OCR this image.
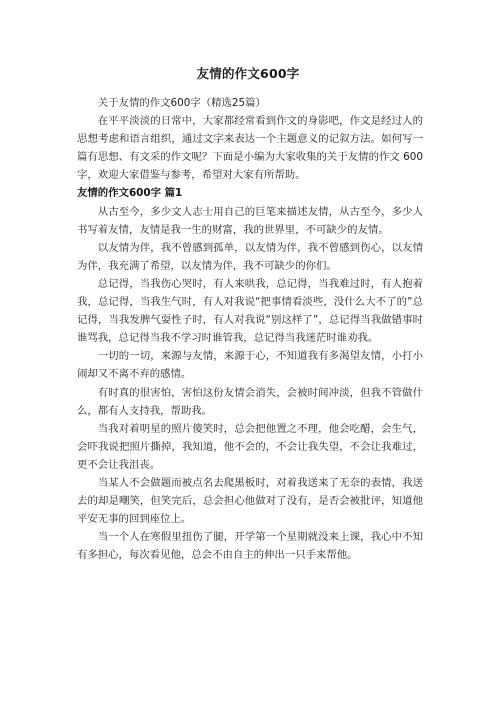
友情的作文600字

关于友情的作文600字（精选25篇）

在平平淡淡的日常中，大家都经常看到作文的身影吧，作文是经过人的思想考虑和语言组织，通过文字来表达一个主题意义的记叙方法。如何写一篇有思想、有文采的作文呢？下面是小编为大家收集的关于友情的作文 600 字，欢迎大家借鉴与参考，希望对大家有所帮助。

友情的作文600字 篇1

从古至今，多少文人志士用自己的巨笔来描述友情，从古至今，多少人书写着友情，友情是我一生的财富，我的世界里，不可缺少的友情。

以友情为伴，我不曾感到孤单，以友情为伴，我不曾感到伤心，以友情为伴，我充满了希望，以友情为伴，我不可缺少的你们。

总记得，当我伤心哭时，有人来哄我，总记得，当我难过时，有人抱着我，总记得，当我生气时，有人对我说“把事情看淡些，没什么大不了的”总记得，当我发脾气耍性子时，有人对我说“别这样了”，总记得当我做错事时谁骂我，总记得当我不学习时谁管我，总记得当我迷茫时谁劝我。

一切的一切，来源与友情，来源于心，不知道我有多渴望友情，小打小闹却又不离不弃的感情。

有时真的很害怕，害怕这份友情会消失，会被时间冲淡，但我不管做什么，都有人支持我，帮助我。

当我对着明星的照片傻笑时，总会把他置之不理，他会吃醋，会生气，会吓我说把照片撕掉，我知道，他不会的，不会让我失望，不会让我难过，更不会让我沮丧。

当某人不会做题而被点名去爬黑板时，对着我送来了无奈的表情，我送去的却是嘲笑，但笑完后，总会担心他做对了没有，是否会被批评，知道他平安无事的回到座位上。

当一个人在寒假里扭伤了腿，开学第一个星期就没来上课，我心中不知有多担心，每次看见他，总会不由自主的伸出一只手来帮他。
